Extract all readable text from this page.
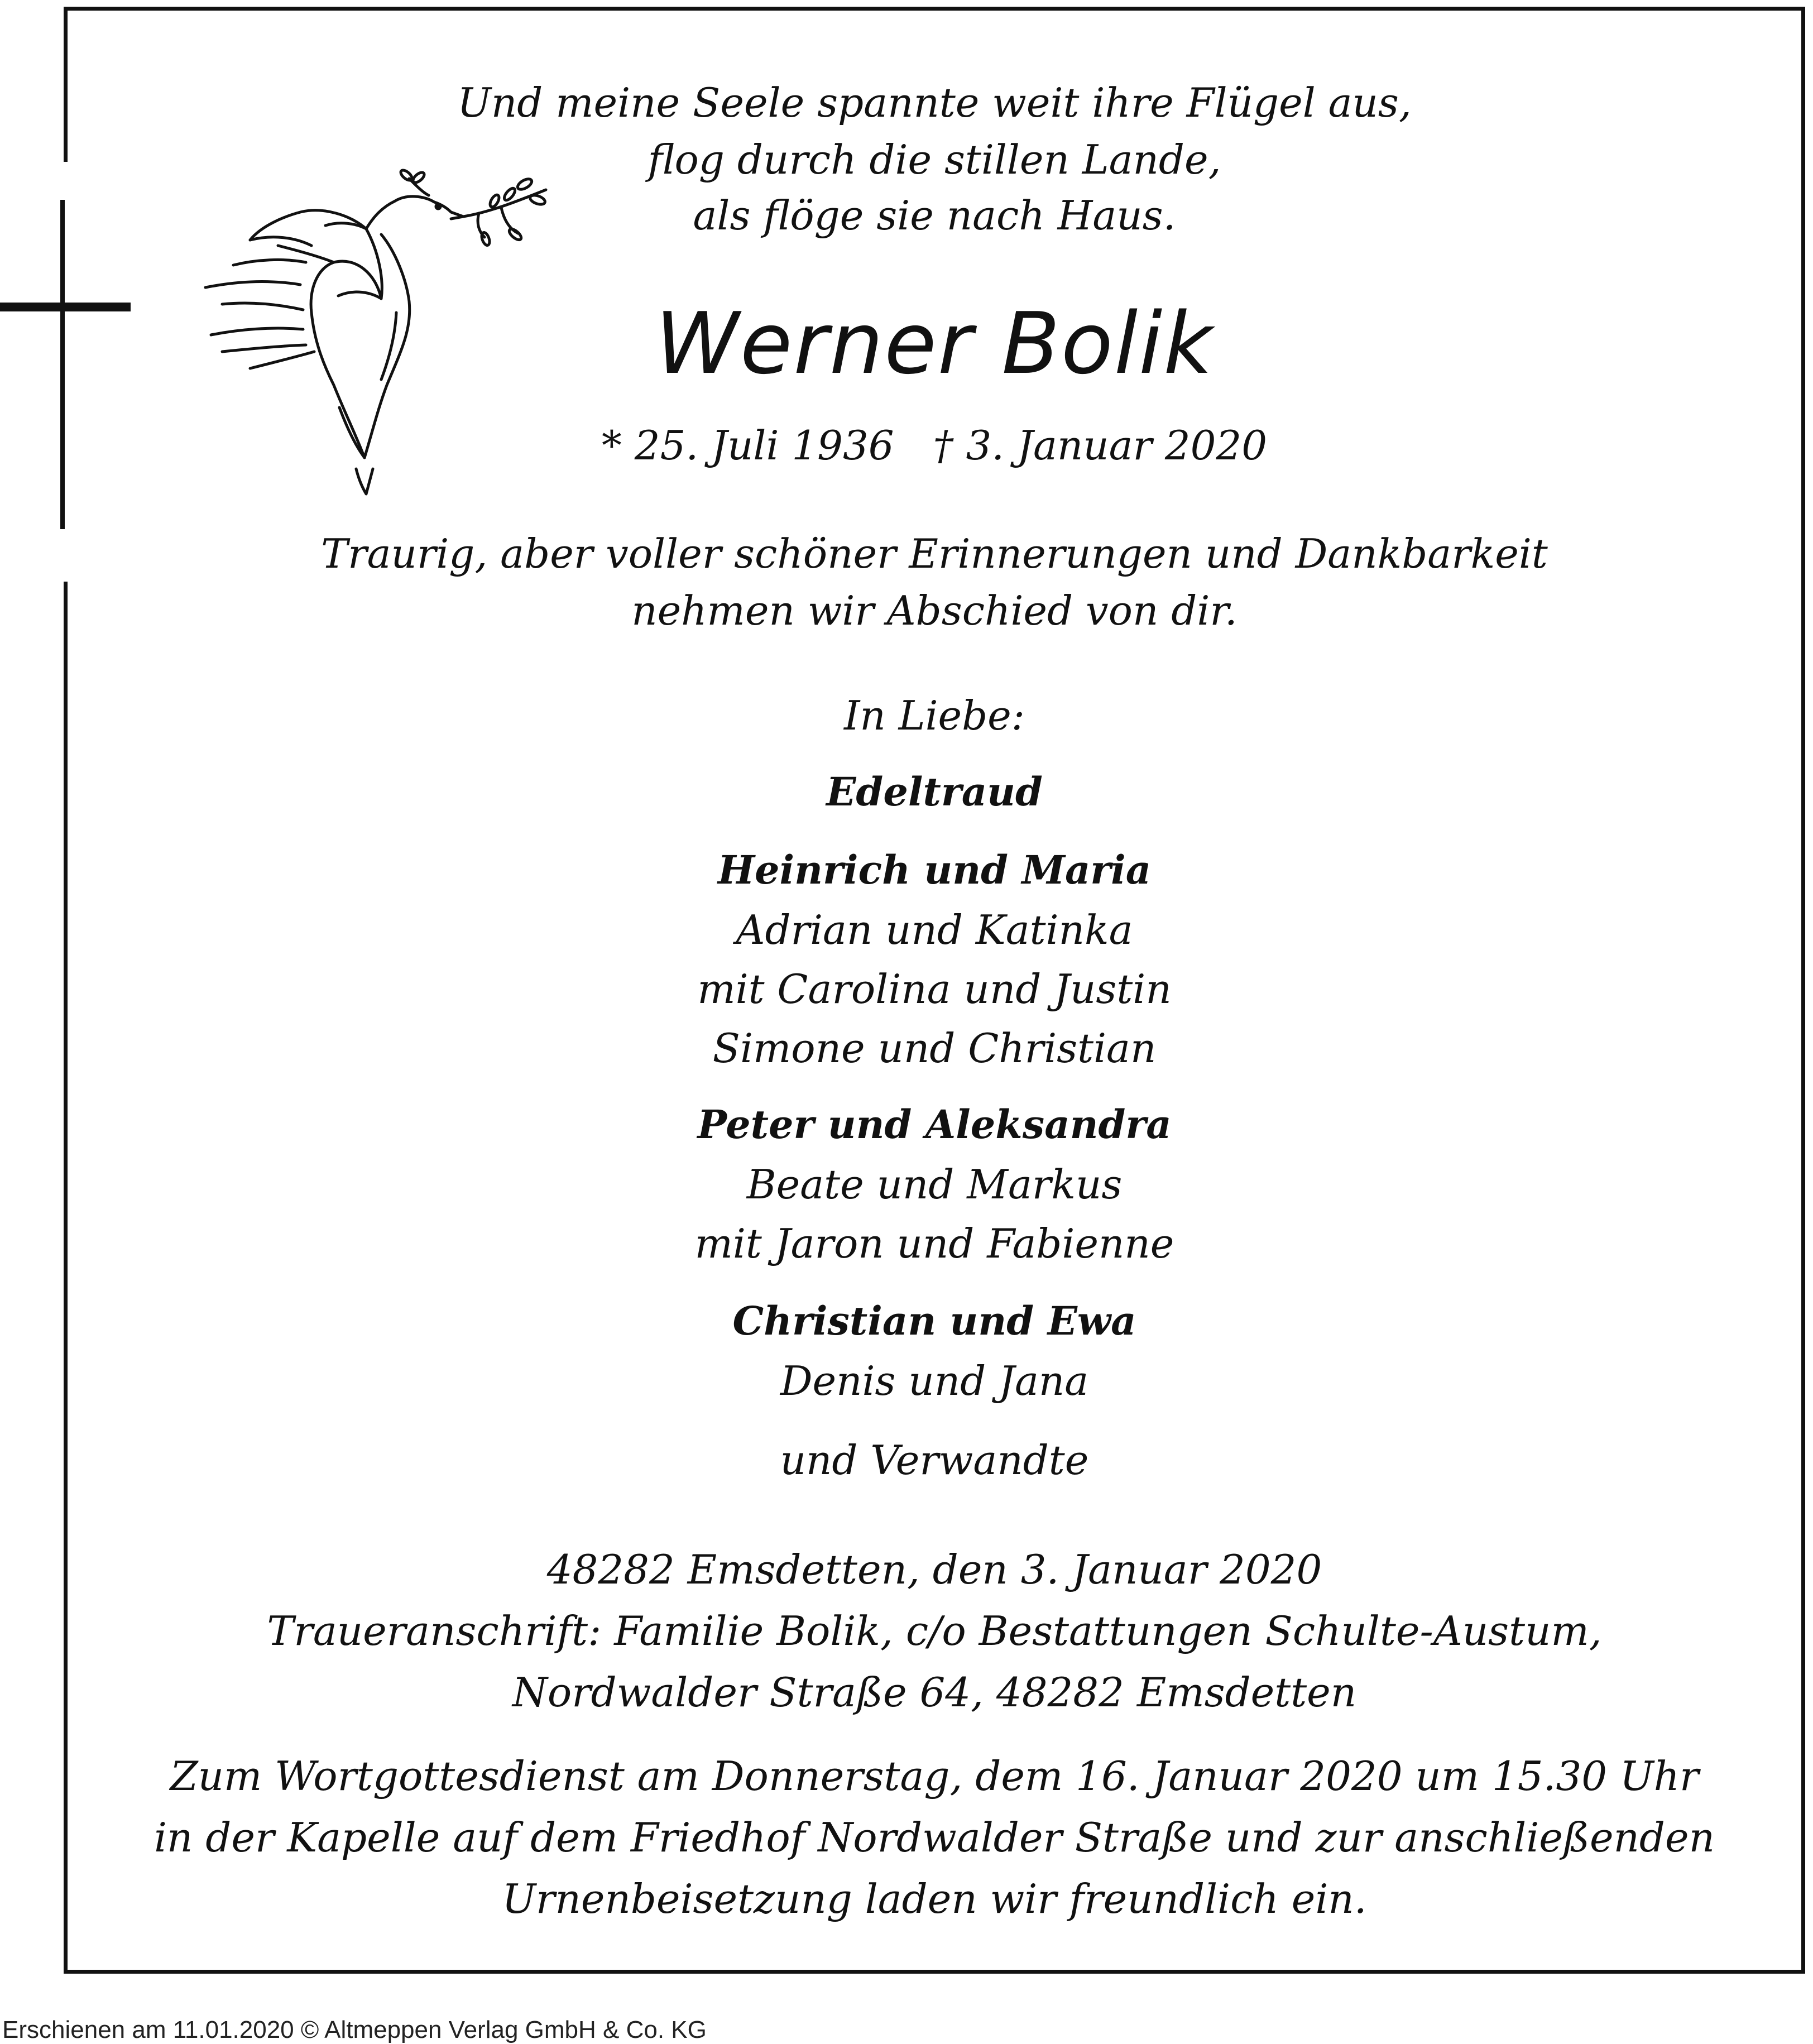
Und meine Seele spannte weit ihre Flügel aus,
flog durch die stillen Lande,
als flöge sie nach Haus.
Werner Bolik
* 25. Juli 1936 † 3. Januar 2020
Traurig, aber voller schöner Erinnerungen und Dankbarkeit
nehmen wir Abschied von dir.
In Liebe:
Edeltraud
Heinrich und Maria
Adrian und Katinka
mit Carolina und Justin
Simone und Christian
Peter und Aleksandra
Beate und Markus
mit Jaron und Fabienne
Christian und Ewa
Denis und Jana
und Verwandte
48282 Emsdetten, den 3. Januar 2020
Traueranschrift: Familie Bolik, c/o Bestattungen Schulte-Austum,
Nordwalder Straße 64, 48282 Emsdetten
Zum Wortgottesdienst am Donnerstag, dem 16. Januar 2020 um 15.30 Uhr
in der Kapelle auf dem Friedhof Nordwalder Straße und zur anschließenden
Urnenbeisetzung laden wir freundlich ein.
Erschienen am 11.01.2020 © Altmeppen Verlag GmbH & Co. KG
